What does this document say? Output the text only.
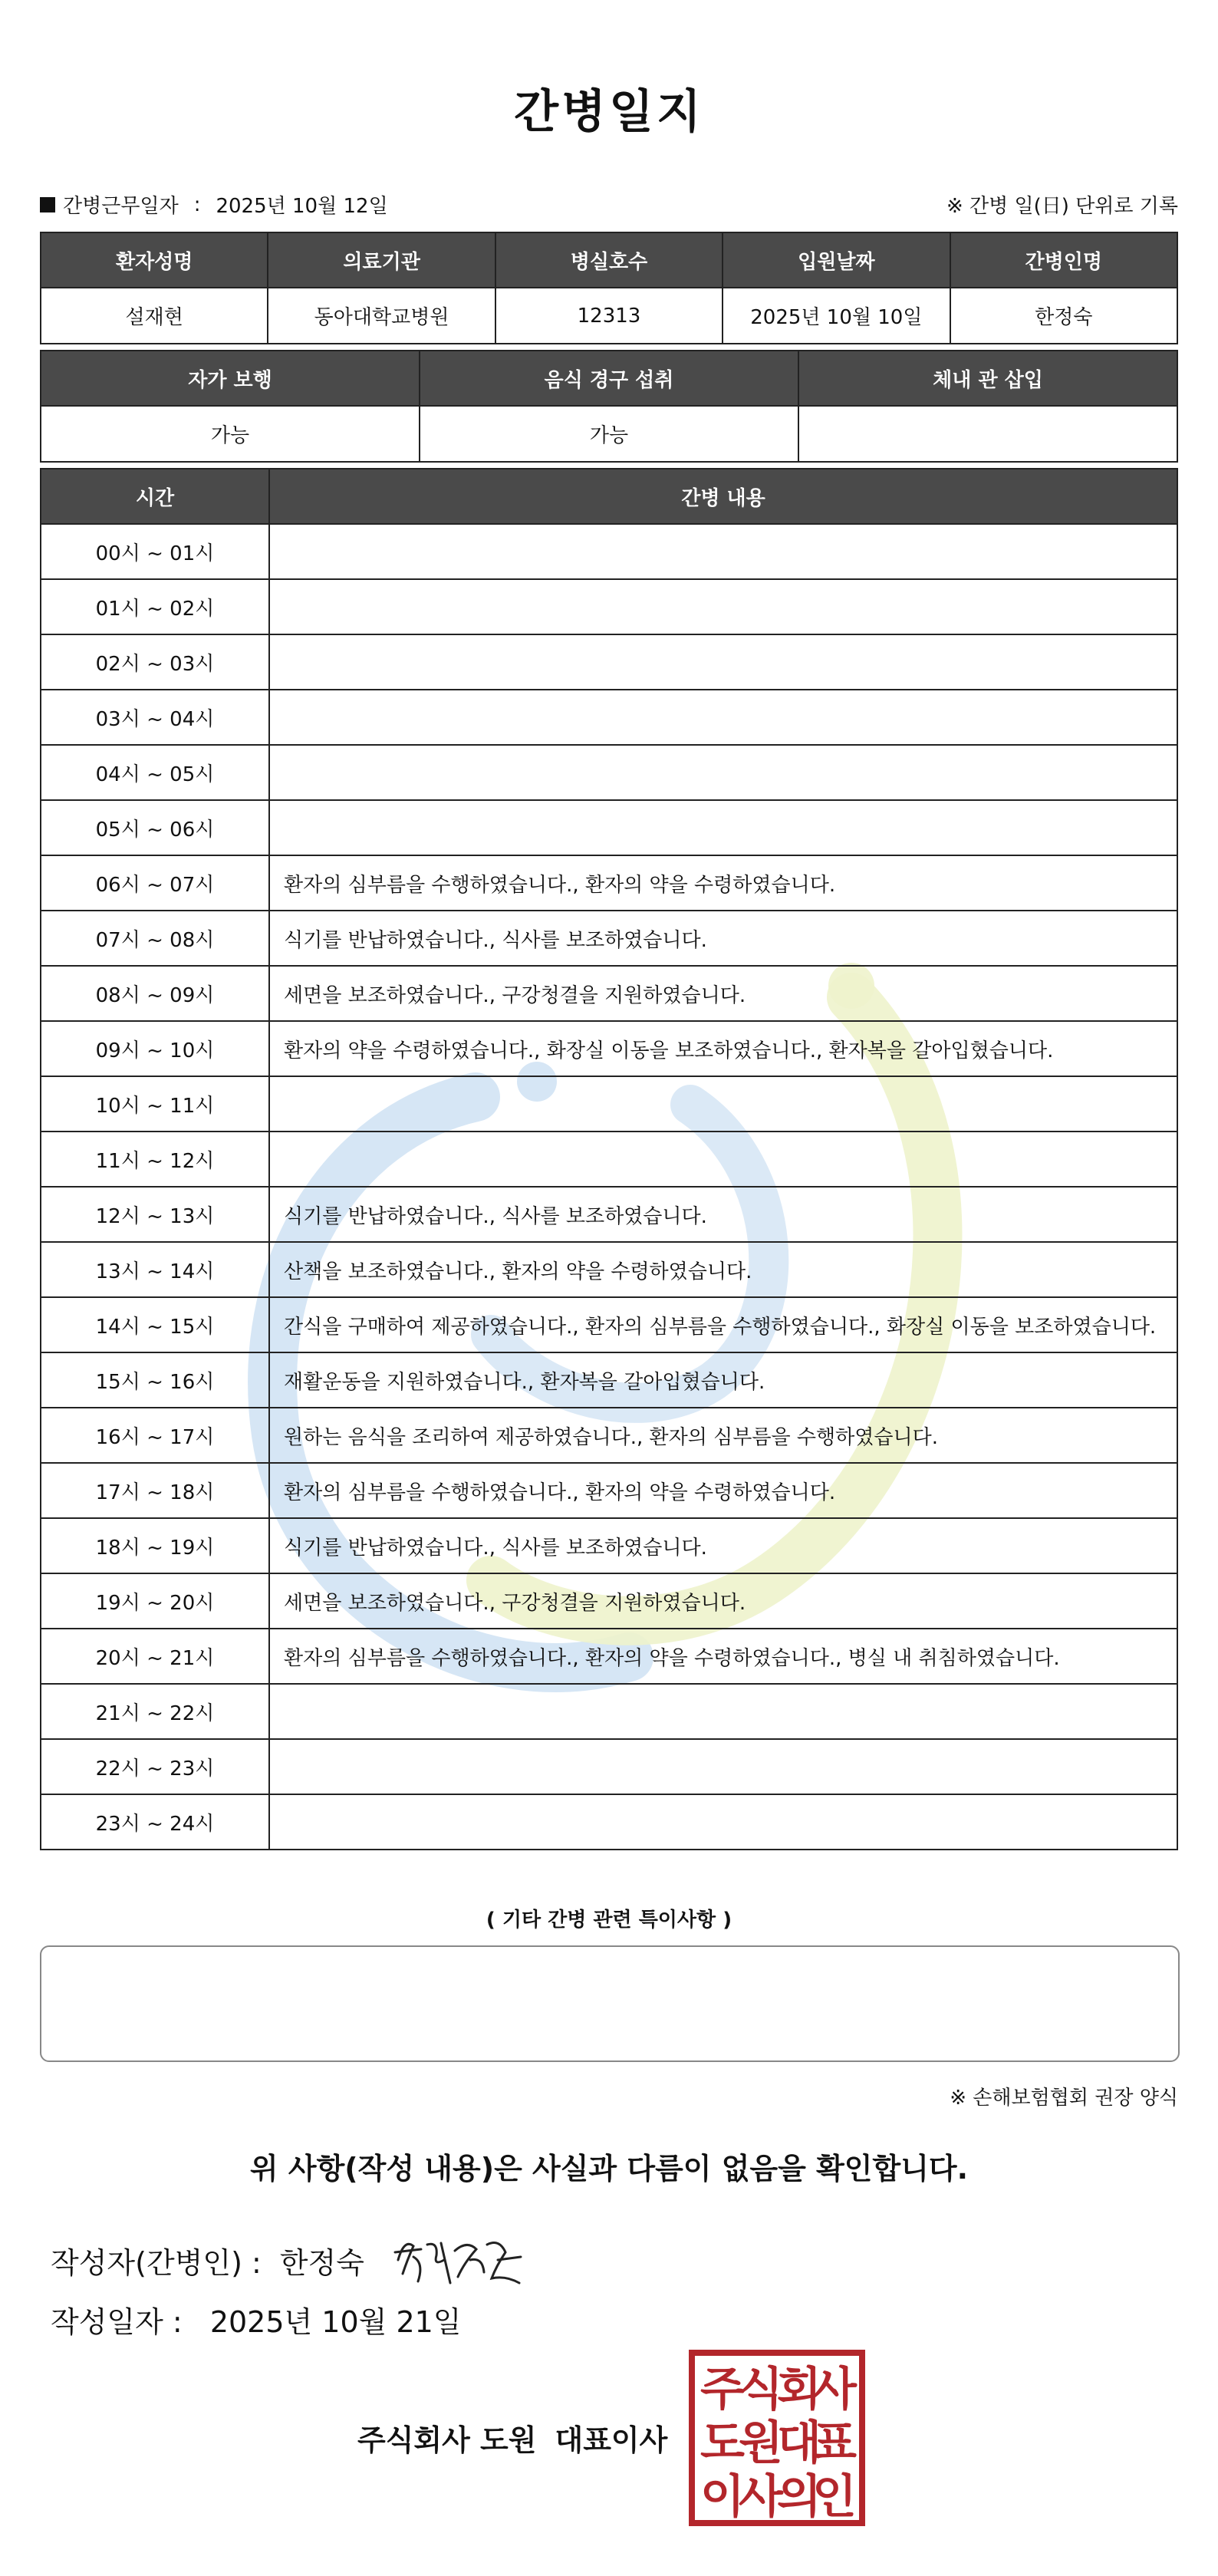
간병일지
간병근무일자 : 2025년 10월 12일	※ 간병 일(日) 단위로 기록
환자성명	의료기관	병실호수	입원날짜	간병인명
설재현	동아대학교병원	12313	2025년 10월 10일	한정숙
자가 보행	음식 경구 섭취	체내 관 삽입
가능	가능	
시간	간병 내용
00시 ~ 01시	
01시 ~ 02시	
02시 ~ 03시	
03시 ~ 04시	
04시 ~ 05시	
05시 ~ 06시	
06시 ~ 07시	환자의 심부름을 수행하였습니다., 환자의 약을 수령하였습니다.
07시 ~ 08시	식기를 반납하였습니다., 식사를 보조하였습니다.
08시 ~ 09시	세면을 보조하였습니다., 구강청결을 지원하였습니다.
09시 ~ 10시	환자의 약을 수령하였습니다., 화장실 이동을 보조하였습니다., 환자복을 갈아입혔습니다.
10시 ~ 11시	
11시 ~ 12시	
12시 ~ 13시	식기를 반납하였습니다., 식사를 보조하였습니다.
13시 ~ 14시	산책을 보조하였습니다., 환자의 약을 수령하였습니다.
14시 ~ 15시	간식을 구매하여 제공하였습니다., 환자의 심부름을 수행하였습니다., 화장실 이동을 보조하였습니다.
15시 ~ 16시	재활운동을 지원하였습니다., 환자복을 갈아입혔습니다.
16시 ~ 17시	원하는 음식을 조리하여 제공하였습니다., 환자의 심부름을 수행하였습니다.
17시 ~ 18시	환자의 심부름을 수행하였습니다., 환자의 약을 수령하였습니다.
18시 ~ 19시	식기를 반납하였습니다., 식사를 보조하였습니다.
19시 ~ 20시	세면을 보조하였습니다., 구강청결을 지원하였습니다.
20시 ~ 21시	환자의 심부름을 수행하였습니다., 환자의 약을 수령하였습니다., 병실 내 취침하였습니다.
21시 ~ 22시	
22시 ~ 23시	
23시 ~ 24시	
( 기타 간병 관련 특이사항 )
※ 손해보험협회 권장 양식
위 사항(작성 내용)은 사실과 다름이 없음을 확인합니다.
작성자(간병인) : 한정숙
작성일자 : 2025년 10월 21일
주식회사 도원 대표이사
주
식
회
사
도
원
대
표
이
사
의
인
